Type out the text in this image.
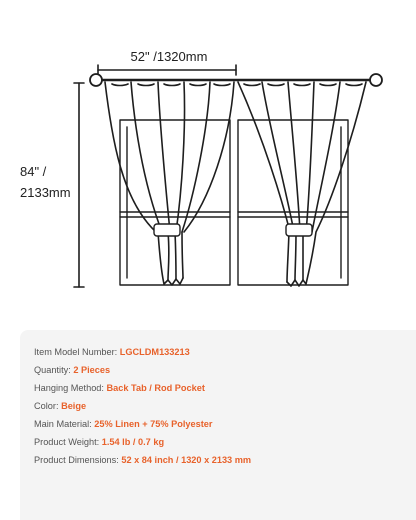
52" /1320mm
84" /
2133mm
Item Model Number: LGCLDM133213
Quantity: 2 Pieces
Hanging Method: Back Tab / Rod Pocket
Color: Beige
Main Material: 25% Linen + 75% Polyester
Product Weight: 1.54 lb / 0.7 kg
Product Dimensions: 52 x 84 inch / 1320 x 2133 mm
